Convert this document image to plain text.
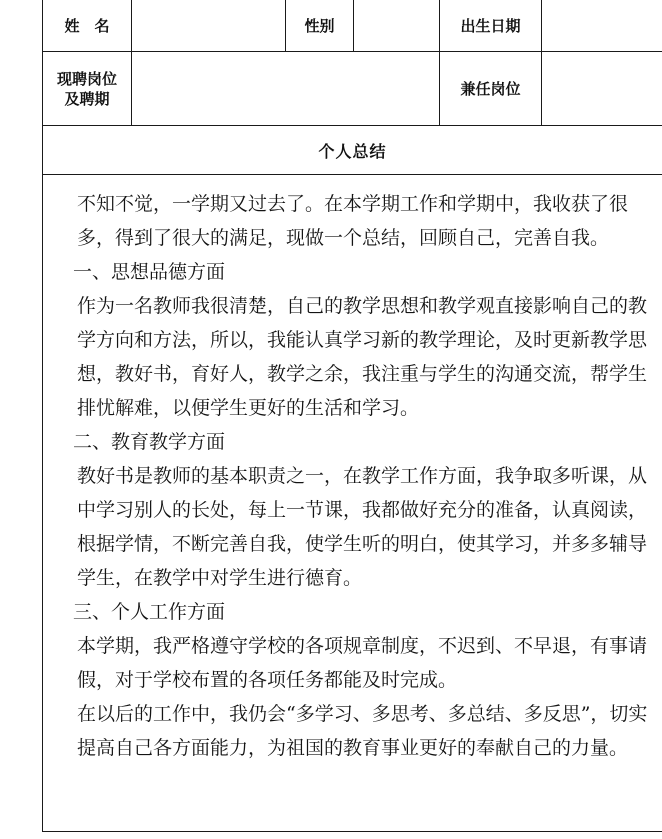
姓　名	性别	出生日期
现聘岗位
及聘期
兼任岗位
个人总结

不知不觉，一学期又过去了。在本学期工作和学期中，我收获了很多，得到了很大的满足，现做一个总结，回顾自己，完善自我。

一、思想品德方面

作为一名教师我很清楚，自己的教学思想和教学观直接影响自己的教学方向和方法，所以，我能认真学习新的教学理论，及时更新教学思想，教好书，育好人，教学之余，我注重与学生的沟通交流，帮学生排忧解难，以便学生更好的生活和学习。

二、教育教学方面

教好书是教师的基本职责之一，在教学工作方面，我争取多听课，从中学习别人的长处，每上一节课，我都做好充分的准备，认真阅读，根据学情，不断完善自我，使学生听的明白，使其学习，并多多辅导学生，在教学中对学生进行德育。

三、个人工作方面

本学期，我严格遵守学校的各项规章制度，不迟到、不早退，有事请假，对于学校布置的各项任务都能及时完成。

在以后的工作中，我仍会“多学习、多思考、多总结、多反思”，切实提高自己各方面能力，为祖国的教育事业更好的奉献自己的力量。
